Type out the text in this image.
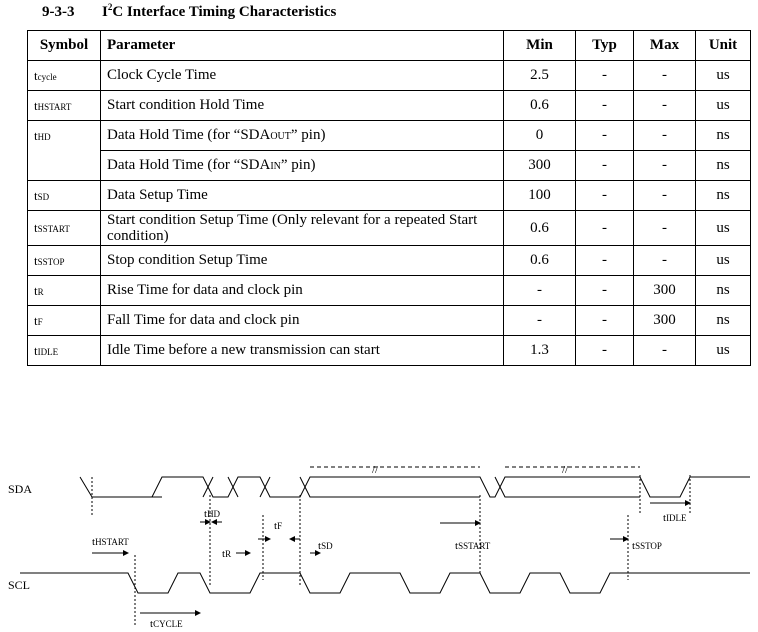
9-3-3 $I^2C$ Interface Timing Characteristics
Symbol	Parameter	Min	Typ	Max	Unit
tcycle	Clock Cycle Time	2.5	-	-	us
tHSTART	Start condition Hold Time	0.6	-	-	us
tHD	Data Hold Time (for “SDAOUT” pin)	0	-	-	ns
	Data Hold Time (for “SDAIN” pin)	300	-	-	ns
tSD	Data Setup Time	100	-	-	ns
tSSTART	Start condition Setup Time (Only relevant for a repeated Start condition)	0.6	-	-	us
tSSTOP	Stop condition Setup Time	0.6	-	-	us
tR	Rise Time for data and clock pin	-	-	300	ns
tF	Fall Time for data and clock pin	-	-	300	ns
tIDLE	Idle Time before a new transmission can start	1.3	-	-	us
SDA
SCL
tHSTART
tHD
tF
tR
tSD	tSSTART	tSSTOP
tIDLE
tCYCLE
//	//
